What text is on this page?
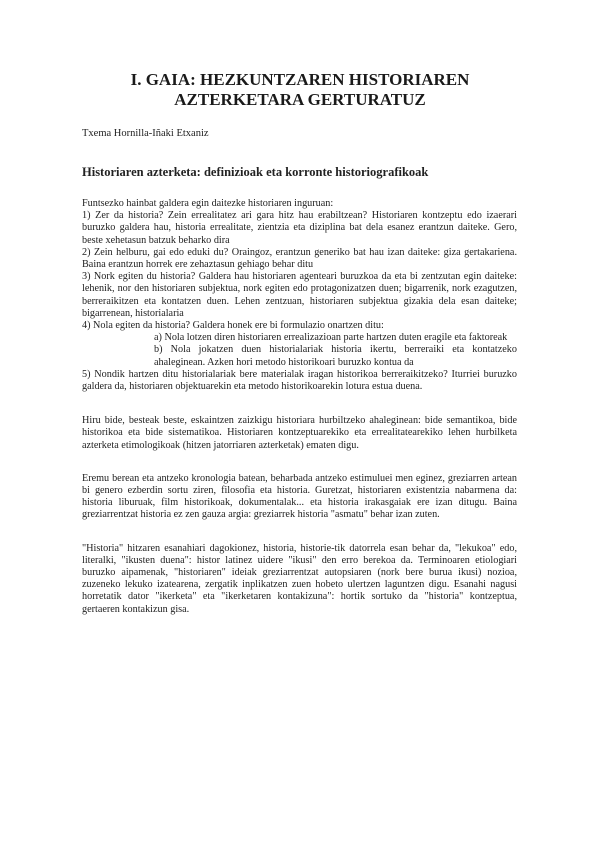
I. GAIA: HEZKUNTZAREN HISTORIAREN
AZTERKETARA GERTURATUZ
Txema Hornilla-Iñaki Etxaniz
Historiaren azterketa: definizioak eta korronte historiografikoak

Funtsezko hainbat galdera egin daitezke historiaren inguruan:

1) Zer da historia? Zein errealitatez ari gara hitz hau erabiltzean? Historiaren kontzeptu edo izaerari buruzko galdera hau, historia errealitate, zientzia eta diziplina bat dela esanez erantzun daiteke. Gero, beste xehetasun batzuk beharko dira

2) Zein helburu, gai edo eduki du? Oraingoz, erantzun generiko bat hau izan daiteke: giza gertakariena. Baina erantzun horrek ere zehaztasun gehiago behar ditu

3) Nork egiten du historia? Galdera hau historiaren agenteari buruzkoa da eta bi zentzutan egin daiteke: lehenik, nor den historiaren subjektua, nork egiten edo protagonizatzen duen; bigarrenik, nork ezagutzen, berreraikitzen eta kontatzen duen. Lehen zentzuan, historiaren subjektua gizakia dela esan daiteke; bigarrenean, historialaria

4) Nola egiten da historia? Galdera honek ere bi formulazio onartzen ditu:

a) Nola lotzen diren historiaren errealizazioan parte hartzen duten eragile eta faktoreak

b) Nola jokatzen duen historialariak historia ikertu, berreraiki eta kontatzeko ahaleginean. Azken hori metodo historikoari buruzko kontua da

5) Nondik hartzen ditu historialariak bere materialak iragan historikoa berreraikitzeko? Iturriei buruzko galdera da, historiaren objektuarekin eta metodo historikoarekin lotura estua duena.

Hiru bide, besteak beste, eskaintzen zaizkigu historiara hurbiltzeko ahaleginean: bide semantikoa, bide historikoa eta bide sistematikoa. Historiaren kontzeptuarekiko eta errealitatearekiko lehen hurbilketa azterketa etimologikoak (hitzen jatorriaren azterketak) ematen digu.

Eremu berean eta antzeko kronologia batean, beharbada antzeko estimuluei men eginez, greziarren artean bi genero ezberdin sortu ziren, filosofia eta historia. Guretzat, historiaren existentzia nabarmena da: historia liburuak, film historikoak, dokumentalak... eta historia irakasgaiak ere izan ditugu. Baina greziarrentzat historia ez zen gauza argia: greziarrek historia "asmatu" behar izan zuten.

"Historia" hitzaren esanahiari dagokionez, historia, historie-tik datorrela esan behar da, "lekukoa" edo, literalki, "ikusten duena": histor latinez uidere "ikusi" den erro berekoa da. Terminoaren etiologiari buruzko aipamenak, "historiaren" ideiak greziarrentzat autopsiaren (nork bere burua ikusi) nozioa, zuzeneko lekuko izatearena, zergatik inplikatzen zuen hobeto ulertzen laguntzen digu. Esanahi nagusi horretatik dator "ikerketa" eta "ikerketaren kontakizuna": hortik sortuko da "historia" kontzeptua, gertaeren kontakizun gisa.
